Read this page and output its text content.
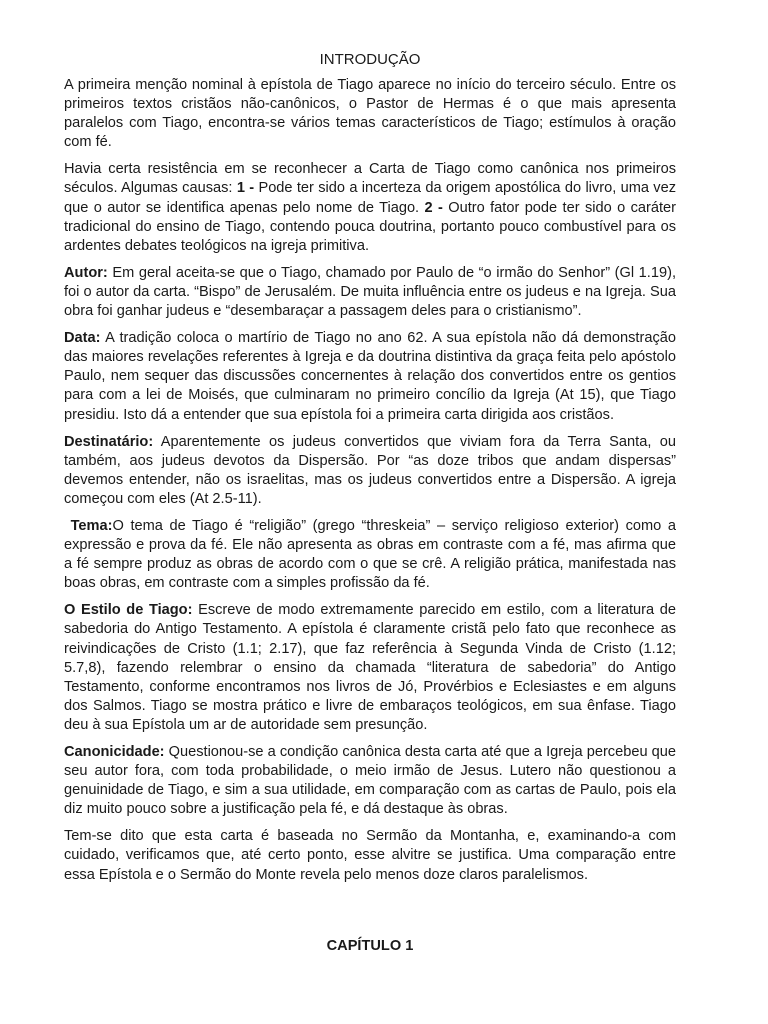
INTRODUÇÃO

A primeira menção nominal à epístola de Tiago aparece no início do terceiro século. Entre os primeiros textos cristãos não-canônicos, o Pastor de Hermas é o que mais apresenta paralelos com Tiago, encontra-se vários temas característicos de Tiago; estímulos à oração com fé.

Havia certa resistência em se reconhecer a Carta de Tiago como canônica nos primeiros séculos. Algumas causas: 1 - Pode ter sido a incerteza da origem apostólica do livro, uma vez que o autor se identifica apenas pelo nome de Tiago. 2 - Outro fator pode ter sido o caráter tradicional do ensino de Tiago, contendo pouca doutrina, portanto pouco combustível para os ardentes debates teológicos na igreja primitiva.

Autor: Em geral aceita-se que o Tiago, chamado por Paulo de “o irmão do Senhor” (Gl 1.19), foi o autor da carta. “Bispo” de Jerusalém. De muita influência entre os judeus e na Igreja. Sua obra foi ganhar judeus e “desembaraçar a passagem deles para o cristianismo”.

Data: A tradição coloca o martírio de Tiago no ano 62. A sua epístola não dá demonstração das maiores revelações referentes à Igreja e da doutrina distintiva da graça feita pelo apóstolo Paulo, nem sequer das discussões concernentes à relação dos convertidos entre os gentios para com a lei de Moisés, que culminaram no primeiro concílio da Igreja (At 15), que Tiago presidiu. Isto dá a entender que sua epístola foi a primeira carta dirigida aos cristãos.

Destinatário: Aparentemente os judeus convertidos que viviam fora da Terra Santa, ou também, aos judeus devotos da Dispersão. Por “as doze tribos que andam dispersas” devemos entender, não os israelitas, mas os judeus convertidos entre a Dispersão. A igreja começou com eles (At 2.5-11).

Tema:O tema de Tiago é “religião” (grego “threskeia” – serviço religioso exterior) como a expressão e prova da fé. Ele não apresenta as obras em contraste com a fé, mas afirma que a fé sempre produz as obras de acordo com o que se crê. A religião prática, manifestada nas boas obras, em contraste com a simples profissão da fé.

O Estilo de Tiago: Escreve de modo extremamente parecido em estilo, com a literatura de sabedoria do Antigo Testamento. A epístola é claramente cristã pelo fato que reconhece as reivindicações de Cristo (1.1; 2.17), que faz referência à Segunda Vinda de Cristo (1.12; 5.7,8), fazendo relembrar o ensino da chamada “literatura de sabedoria” do Antigo Testamento, conforme encontramos nos livros de Jó, Provérbios e Eclesiastes e em alguns dos Salmos. Tiago se mostra prático e livre de embaraços teológicos, em sua ênfase. Tiago deu à sua Epístola um ar de autoridade sem presunção.

Canonicidade: Questionou-se a condição canônica desta carta até que a Igreja percebeu que seu autor fora, com toda probabilidade, o meio irmão de Jesus. Lutero não questionou a genuinidade de Tiago, e sim a sua utilidade, em comparação com as cartas de Paulo, pois ela diz muito pouco sobre a justificação pela fé, e dá destaque às obras.

Tem-se dito que esta carta é baseada no Sermão da Montanha, e, examinando-a com cuidado, verificamos que, até certo ponto, esse alvitre se justifica. Uma comparação entre essa Epístola e o Sermão do Monte revela pelo menos doze claros paralelismos.

CAPÍTULO 1
